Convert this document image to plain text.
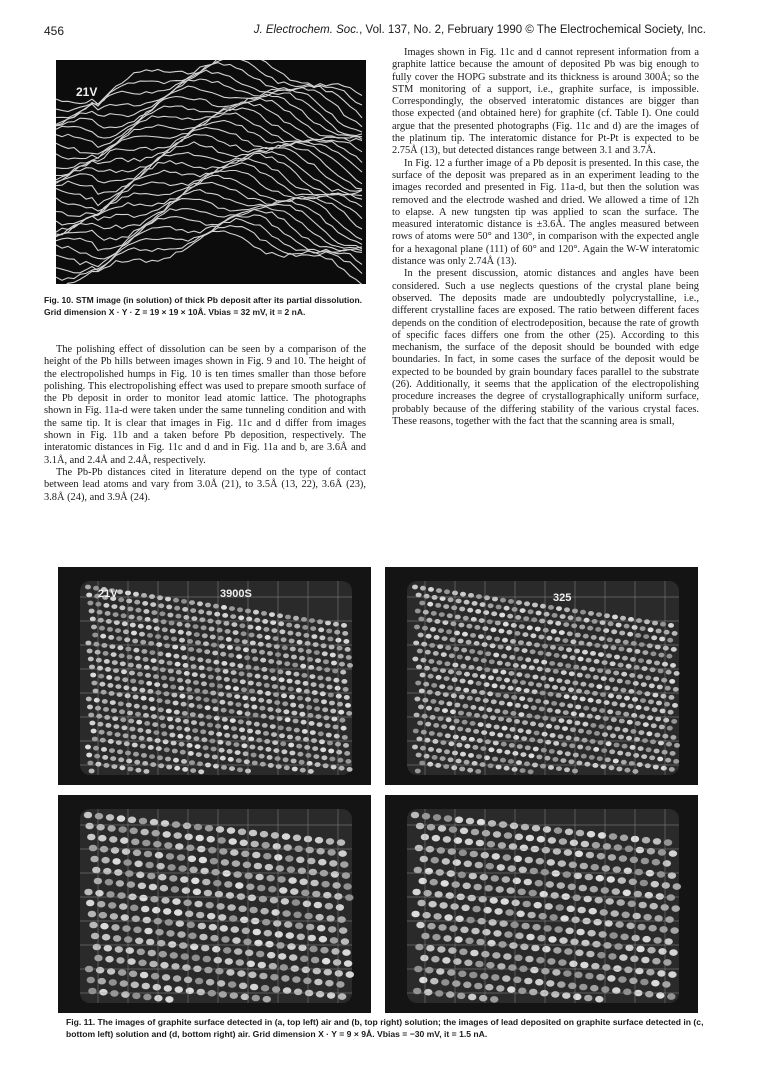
456	J. Electrochem. Soc., Vol. 137, No. 2, February 1990 © The Electrochemical Society, Inc.
21V
Fig. 10. STM image (in solution) of thick Pb deposit after its partial dissolution. Grid dimension X · Y · Z = 19 × 19 × 10Å. Vbias = 32 mV, it = 2 nA.

The polishing effect of dissolution can be seen by a comparison of the height of the Pb hills between images shown in Fig. 9 and 10. The height of the electropolished humps in Fig. 10 is ten times smaller than those before polishing. This electropolishing effect was used to prepare smooth surface of the Pb deposit in order to monitor lead atomic lattice. The photographs shown in Fig. 11a-d were taken under the same tunneling condition and with the same tip. It is clear that images in Fig. 11c and d differ from images shown in Fig. 11b and a taken before Pb deposition, respectively. The interatomic distances in Fig. 11c and d and in Fig. 11a and b, are 3.6Å and 3.1Å, and 2.4Å and 2.4Å, respectively.

The Pb-Pb distances cited in literature depend on the type of contact between lead atoms and vary from 3.0Å (21), to 3.5Å (13, 22), 3.6Å (23), 3.8Å (24), and 3.9Å (24).

Images shown in Fig. 11c and d cannot represent information from a graphite lattice because the amount of deposited Pb was big enough to fully cover the HOPG substrate and its thickness is around 300Å; so the STM monitoring of a support, i.e., graphite surface, is impossible. Correspondingly, the observed interatomic distances are bigger than those expected (and obtained here) for graphite (cf. Table I). One could argue that the presented photographs (Fig. 11c and d) are the images of the platinum tip. The interatomic distance for Pt-Pt is expected to be 2.75Å (13), but detected distances range between 3.1 and 3.7Å.

In Fig. 12 a further image of a Pb deposit is presented. In this case, the surface of the deposit was prepared as in an experiment leading to the images recorded and presented in Fig. 11a-d, but then the solution was removed and the electrode washed and dried. We allowed a time of 12h to elapse. A new tungsten tip was applied to scan the surface. The measured interatomic distance is ±3.6Å. The angles measured between rows of atoms were 50° and 130°, in comparison with the expected angle for a hexagonal plane (111) of 60° and 120°. Again the W-W interatomic distance was only 2.74Å (13).

In the present discussion, atomic distances and angles have been considered. Such a use neglects questions of the crystal plane being observed. The deposits made are undoubtedly polycrystalline, i.e., different crystalline faces are exposed. The ratio between different faces depends on the condition of electrodeposition, because the rate of growth of specific faces differs one from the other (25). According to this mechanism, the surface of the deposit should be bounded with edge boundaries. In fact, in some cases the surface of the deposit would be expected to be bounded by grain boundary faces parallel to the substrate (26). Additionally, it seems that the application of the electropolishing procedure increases the degree of crystallographically uniform surface, probably because of the differing stability of the various crystal faces. These reasons, together with the fact that the scanning area is small,

21V	3900S	325
Fig. 11. The images of graphite surface detected in (a, top left) air and (b, top right) solution; the images of lead deposited on graphite surface detected in (c, bottom left) solution and (d, bottom right) air. Grid dimension X · Y = 9 × 9Å. Vbias = −30 mV, it = 1.5 nA.
